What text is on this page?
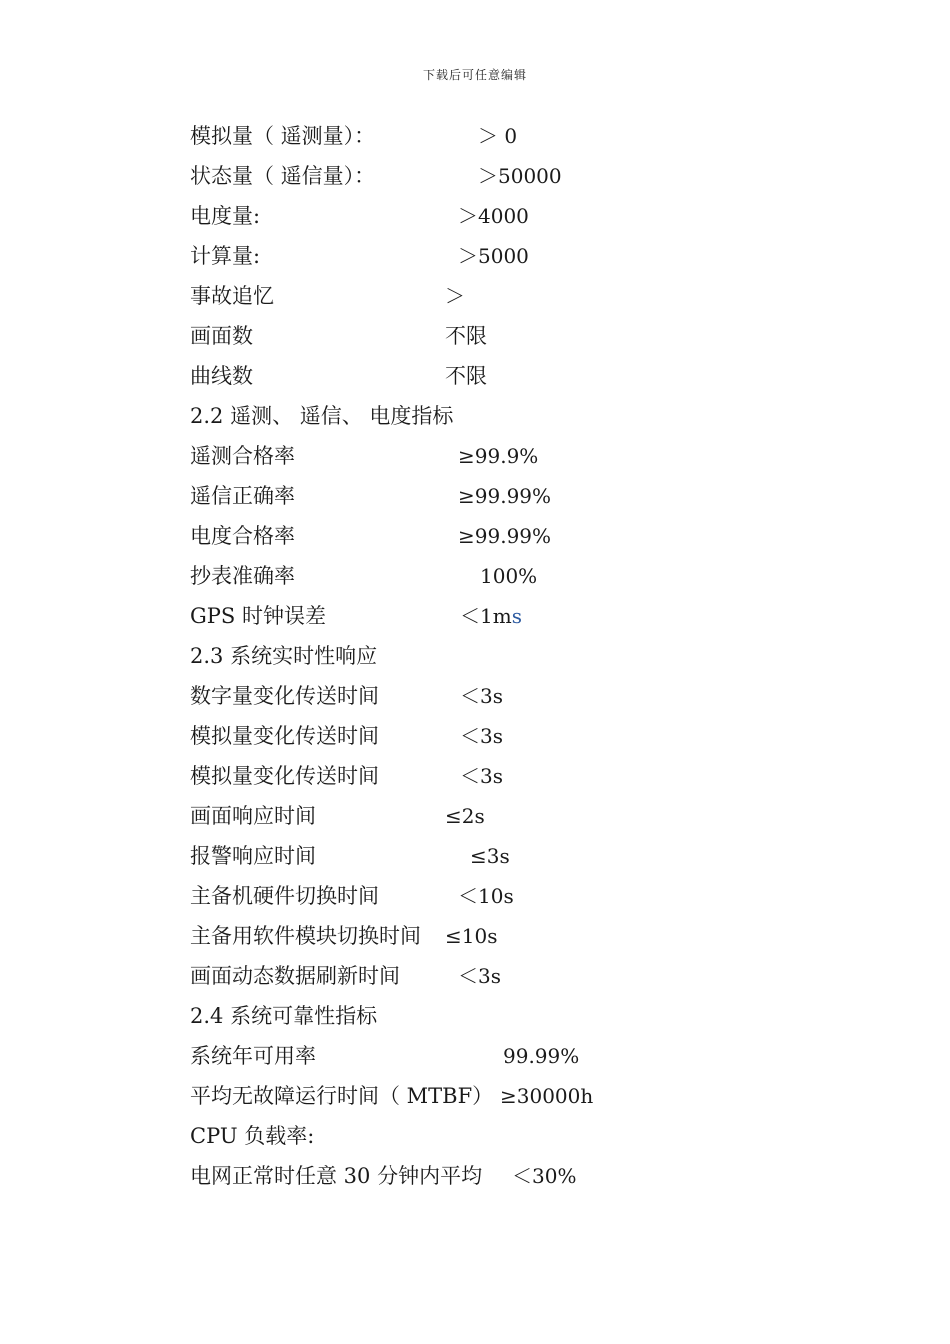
下载后可任意编辑
模拟量（ 遥测量）：	＞ 0
状态量（ 遥信量）：	＞50000
电度量:	＞4000
计算量:	＞5000
事故追忆	＞
画面数	不限
曲线数	不限
2.2 遥测、 遥信、 电度指标
遥测合格率	≥99.9%
遥信正确率	≥99.99%
电度合格率	≥99.99%
抄表准确率	100%
GPS 时钟误差	＜1ms
2.3 系统实时性响应
数字量变化传送时间	＜3s
模拟量变化传送时间	＜3s
模拟量变化传送时间	＜3s
画面响应时间	≤2s
报警响应时间	≤3s
主备机硬件切换时间	＜10s
主备用软件模块切换时间 ≤10s
画面动态数据刷新时间	＜3s
2.4 系统可靠性指标
系统年可用率	99.99%
平均无故障运行时间（ MTBF） ≥30000h
CPU 负载率:
电网正常时任意 30 分钟内平均 ＜30%
